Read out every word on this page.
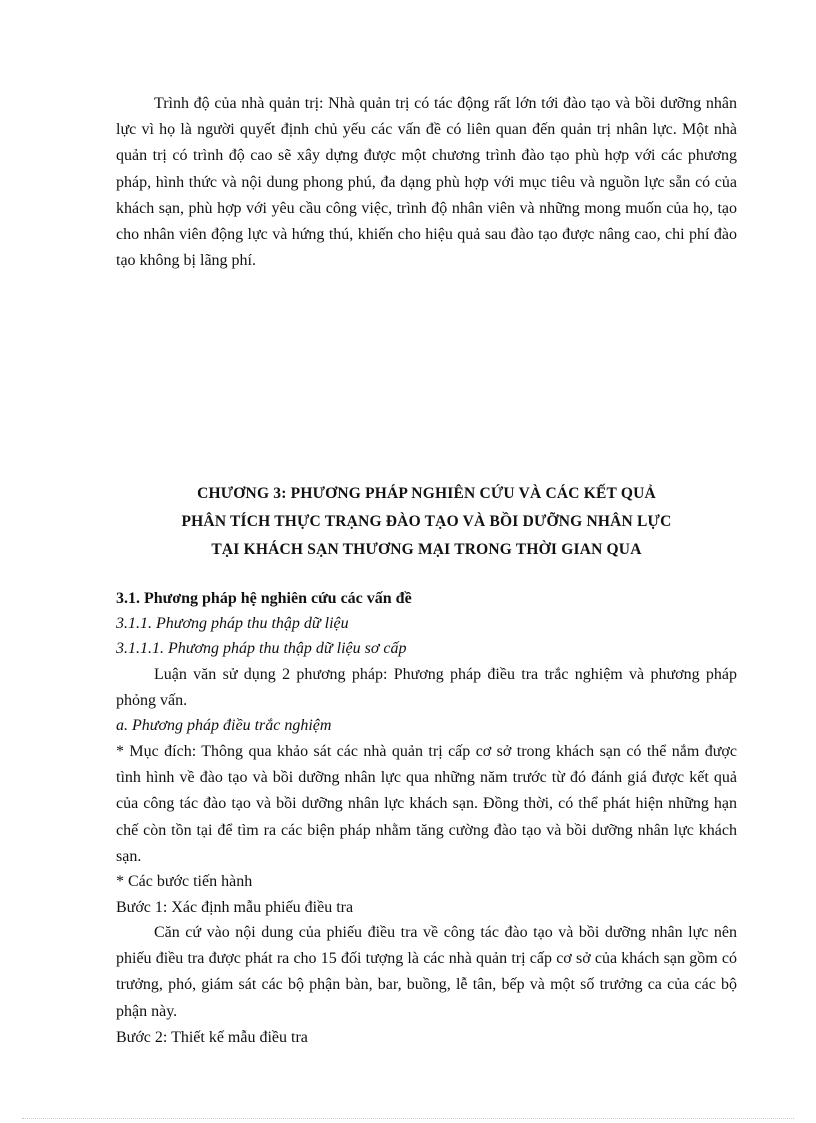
Trình độ của nhà quản trị: Nhà quản trị có tác động rất lớn tới đào tạo và bồi dưỡng nhân lực vì họ là người quyết định chủ yếu các vấn đề có liên quan đến quản trị nhân lực. Một nhà quản trị có trình độ cao sẽ xây dựng được một chương trình đào tạo phù hợp với các phương pháp, hình thức và nội dung phong phú, đa dạng phù hợp với mục tiêu và nguồn lực sẵn có của khách sạn, phù hợp với yêu cầu công việc, trình độ nhân viên và những mong muốn của họ, tạo cho nhân viên động lực và hứng thú, khiến cho hiệu quả sau đào tạo được nâng cao, chi phí đào tạo không bị lãng phí.

CHƯƠNG 3: PHƯƠNG PHÁP NGHIÊN CỨU VÀ CÁC KẾT QUẢ
PHÂN TÍCH THỰC TRẠNG ĐÀO TẠO VÀ BỒI DƯỠNG NHÂN LỰC
TẠI KHÁCH SẠN THƯƠNG MẠI TRONG THỜI GIAN QUA

3.1. Phương pháp hệ nghiên cứu các vấn đề

3.1.1. Phương pháp thu thập dữ liệu

3.1.1.1. Phương pháp thu thập dữ liệu sơ cấp

Luận văn sử dụng 2 phương pháp: Phương pháp điều tra trắc nghiệm và phương pháp phỏng vấn.

a. Phương pháp điều trắc nghiệm

* Mục đích: Thông qua khảo sát các nhà quản trị cấp cơ sở trong khách sạn có thể nắm được tình hình về đào tạo và bồi dưỡng nhân lực qua những năm trước từ đó đánh giá được kết quả của công tác đào tạo và bồi dưỡng nhân lực khách sạn. Đồng thời, có thể phát hiện những hạn chế còn tồn tại để tìm ra các biện pháp nhằm tăng cường đào tạo và bồi dưỡng nhân lực khách sạn.

* Các bước tiến hành

Bước 1: Xác định mẫu phiếu điều tra

Căn cứ vào nội dung của phiếu điều tra về công tác đào tạo và bồi dưỡng nhân lực nên phiếu điều tra được phát ra cho 15 đối tượng là các nhà quản trị cấp cơ sở của khách sạn gồm có trưởng, phó, giám sát các bộ phận bàn, bar, buồng, lễ tân, bếp và một số trưởng ca của các bộ phận này.

Bước 2: Thiết kế mẫu điều tra
